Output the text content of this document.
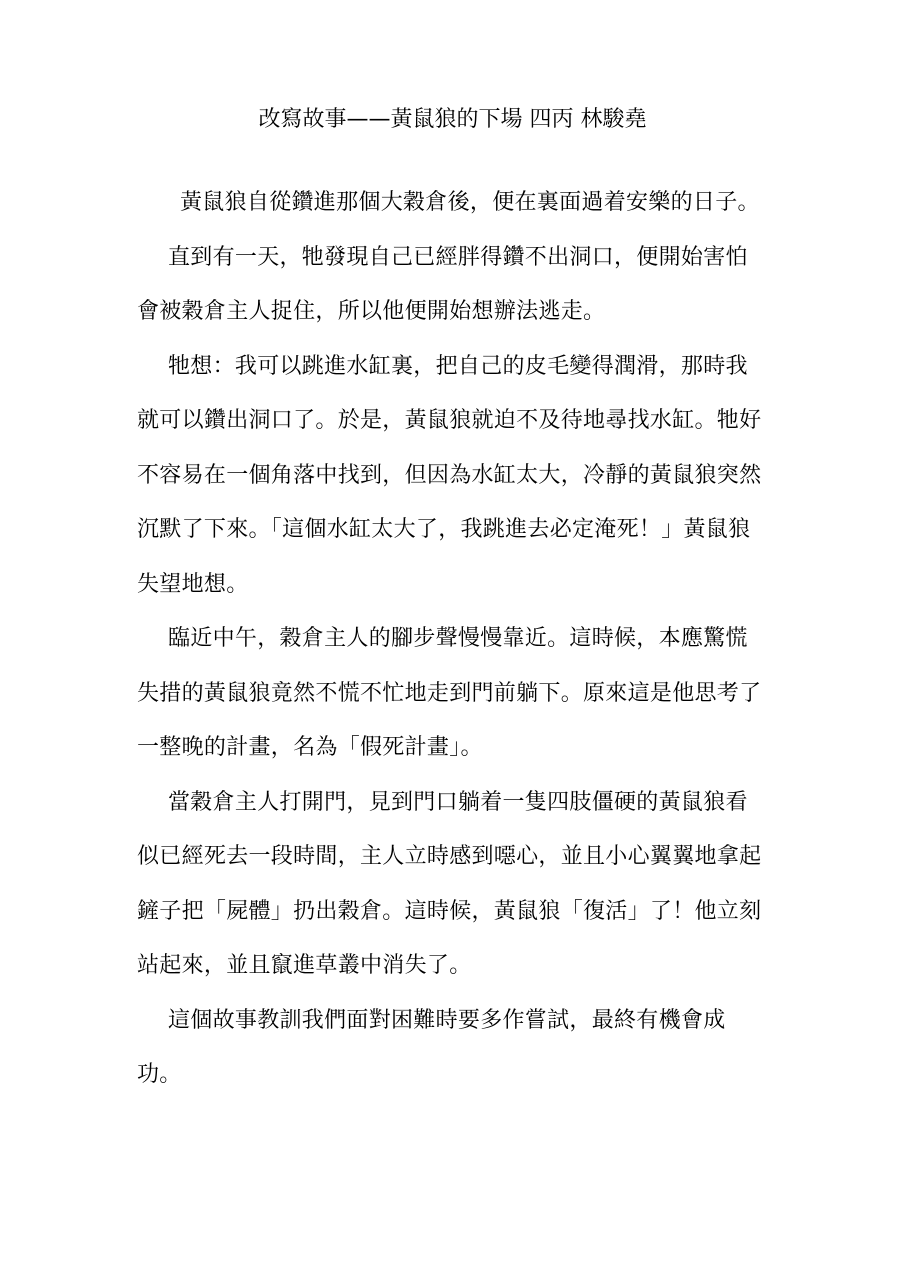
改寫故事——黃鼠狼的下場 四丙 林駿堯

黃鼠狼自從鑽進那個大穀倉後，便在裏面過着安樂的日子。

直到有一天，牠發現自己已經胖得鑽不出洞口，便開始害怕會被穀倉主人捉住，所以他便開始想辦法逃走。

牠想：我可以跳進水缸裏，把自己的皮毛變得潤滑，那時我就可以鑽出洞口了。於是，黃鼠狼就迫不及待地尋找水缸。牠好不容易在一個角落中找到，但因為水缸太大，冷靜的黃鼠狼突然沉默了下來。「這個水缸太大了，我跳進去必定淹死！」黃鼠狼失望地想。

臨近中午，穀倉主人的腳步聲慢慢靠近。這時候，本應驚慌失措的黃鼠狼竟然不慌不忙地走到門前躺下。原來這是他思考了一整晚的計畫，名為「假死計畫」。

當穀倉主人打開門，見到門口躺着一隻四肢僵硬的黃鼠狼看似已經死去一段時間，主人立時感到噁心，並且小心翼翼地拿起鏟子把「屍體」扔出穀倉。這時候，黃鼠狼「復活」了！他立刻站起來，並且竄進草叢中消失了。

這個故事教訓我們面對困難時要多作嘗試，最終有機會成功。
